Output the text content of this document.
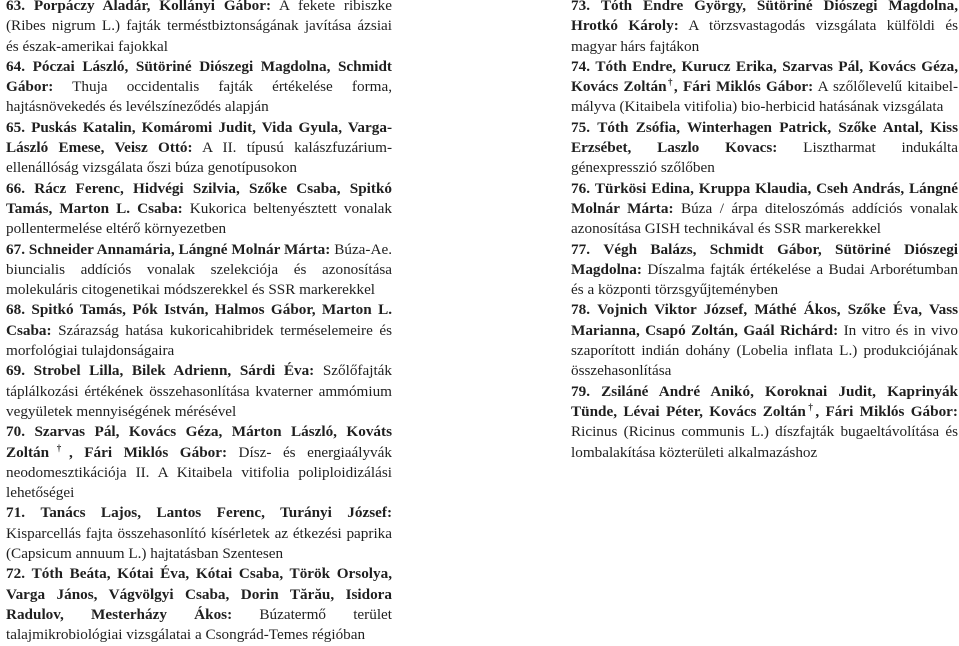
63. Porpáczy Aladár, Kollányi Gábor: A fekete ribiszke (Ribes nigrum L.) fajták terméstbiztonságának javítása ázsiai és észak-amerikai fajokkal

64. Póczai László, Sütöriné Diószegi Magdolna, Schmidt Gábor: Thuja occidentalis fajták értékelése forma, hajtásnövekedés és levélszíneződés alapján

65. Puskás Katalin, Komáromi Judit, Vida Gyula, Varga-László Emese, Veisz Ottó: A II. típusú kalászfuzárium-ellenállóság vizsgálata őszi búza genotípusokon

66. Rácz Ferenc, Hidvégi Szilvia, Szőke Csaba, Spitkó Tamás, Marton L. Csaba: Kukorica beltenyésztett vonalak pollentermelése eltérő környezetben

67. Schneider Annamária, Lángné Molnár Márta: Búza-Ae. biuncialis addíciós vonalak szelekciója és azonosítása molekuláris citogenetikai módszerekkel és SSR markerekkel

68. Spitkó Tamás, Pók István, Halmos Gábor, Marton L. Csaba: Szárazság hatása kukoricahibridek terméselemeire és morfológiai tulajdonságaira

69. Strobel Lilla, Bilek Adrienn, Sárdi Éva: Szőlőfajták táplálkozási értékének összehasonlítása kvaterner ammómium vegyületek mennyiségének mérésével

70. Szarvas Pál, Kovács Géza, Márton László, Kováts Zoltán†, Fári Miklós Gábor: Dísz- és energiaályvák neodomesztikációja II. A Kitaibela vitifolia poliploidizálási lehetőségei

71. Tanács Lajos, Lantos Ferenc, Turányi József: Kisparcellás fajta összehasonlító kísérletek az étkezési paprika (Capsicum annuum L.) hajtatásban Szentesen

72. Tóth Beáta, Kótai Éva, Kótai Csaba, Török Orsolya, Varga János, Vágvölgyi Csaba, Dorin Tărău, Isidora Radulov, Mesterházy Ákos: Búzatermő terület talajmikrobiológiai vizsgálatai a Csongrád-Temes régióban

73. Tóth Endre György, Sütöriné Diószegi Magdolna, Hrotkó Károly: A törzsvastagodás vizsgálata külföldi és magyar hárs fajtákon

74. Tóth Endre, Kurucz Erika, Szarvas Pál, Kovács Géza, Kovács Zoltán†, Fári Miklós Gábor: A szőlőlevelű kitaibel-mályva (Kitaibela vitifolia) bio-herbicid hatásának vizsgálata

75. Tóth Zsófia, Winterhagen Patrick, Szőke Antal, Kiss Erzsébet, Laszlo Kovacs: Lisztharmat indukálta génexpresszió szőlőben

76. Türkösi Edina, Kruppa Klaudia, Cseh András, Lángné Molnár Márta: Búza / árpa diteloszómás addíciós vonalak azonosítása GISH technikával és SSR markerekkel

77. Végh Balázs, Schmidt Gábor, Sütöriné Diószegi Magdolna: Díszalma fajták értékelése a Budai Arborétumban és a központi törzsgyűjteményben

78. Vojnich Viktor József, Máthé Ákos, Szőke Éva, Vass Marianna, Csapó Zoltán, Gaál Richárd: In vitro és in vivo szaporított indián dohány (Lobelia inflata L.) produkciójának összehasonlítása

79. Zsiláné André Anikó, Koroknai Judit, Kaprinyák Tünde, Lévai Péter, Kovács Zoltán†, Fári Miklós Gábor: Ricinus (Ricinus communis L.) díszfajták bugaeltávolítása és lombalakítása közterületi alkalmazáshoz
